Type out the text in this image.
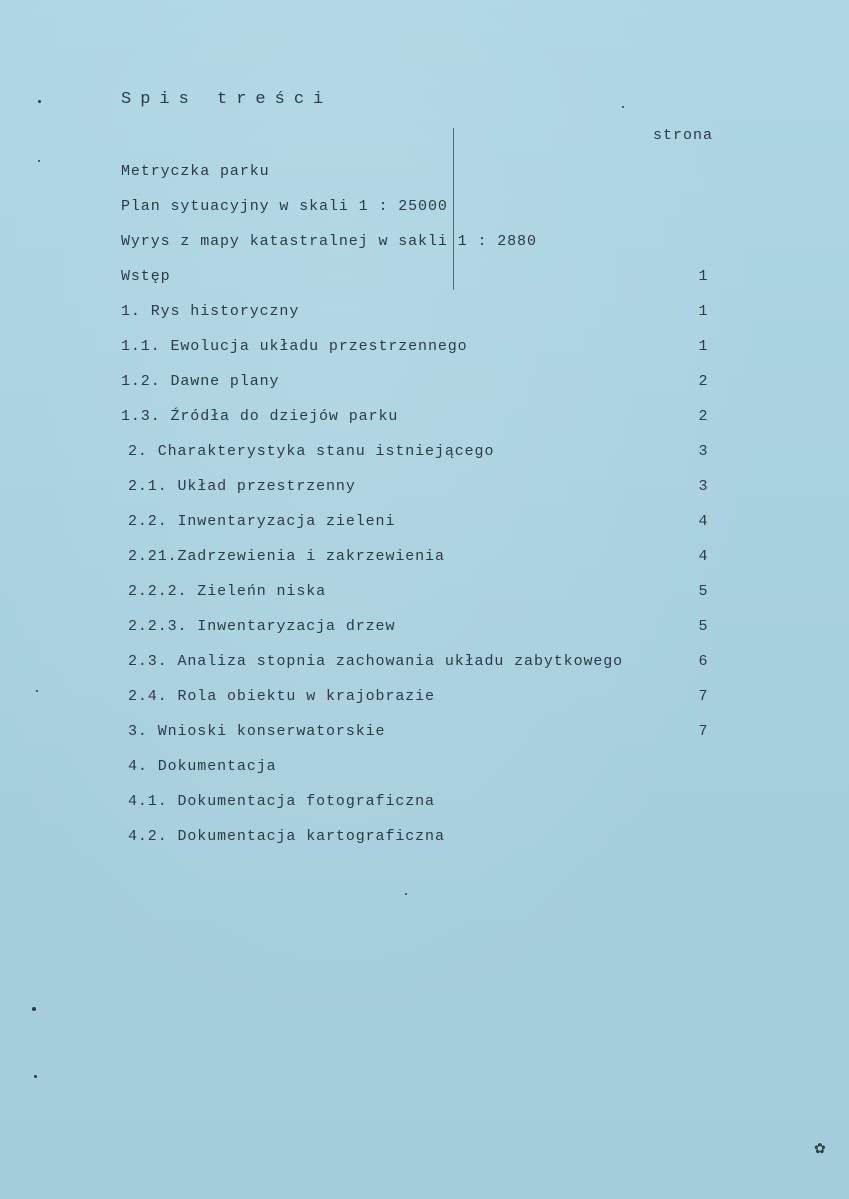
Spis treści
strona
Metryczka parku
Plan sytuacyjny w skali 1 : 25000
Wyrys z mapy katastralnej w sakli 1 : 2880
Wstęp	1
1. Rys historyczny	1
1.1. Ewolucja układu przestrzennego	1
1.2. Dawne plany	2
1.3. Źródła do dziejów parku	2
2. Charakterystyka stanu istniejącego	3
2.1. Układ przestrzenny	3
2.2. Inwentaryzacja zieleni	4
2.21.Zadrzewienia i zakrzewienia	4
2.2.2. Zieleńn niska	5
2.2.3. Inwentaryzacja drzew	5
2.3. Analiza stopnia zachowania układu zabytkowego	6
2.4. Rola obiektu w krajobrazie	7
3. Wnioski konserwatorskie	7
4. Dokumentacja
4.1. Dokumentacja fotograficzna
4.2. Dokumentacja kartograficzna
✿
